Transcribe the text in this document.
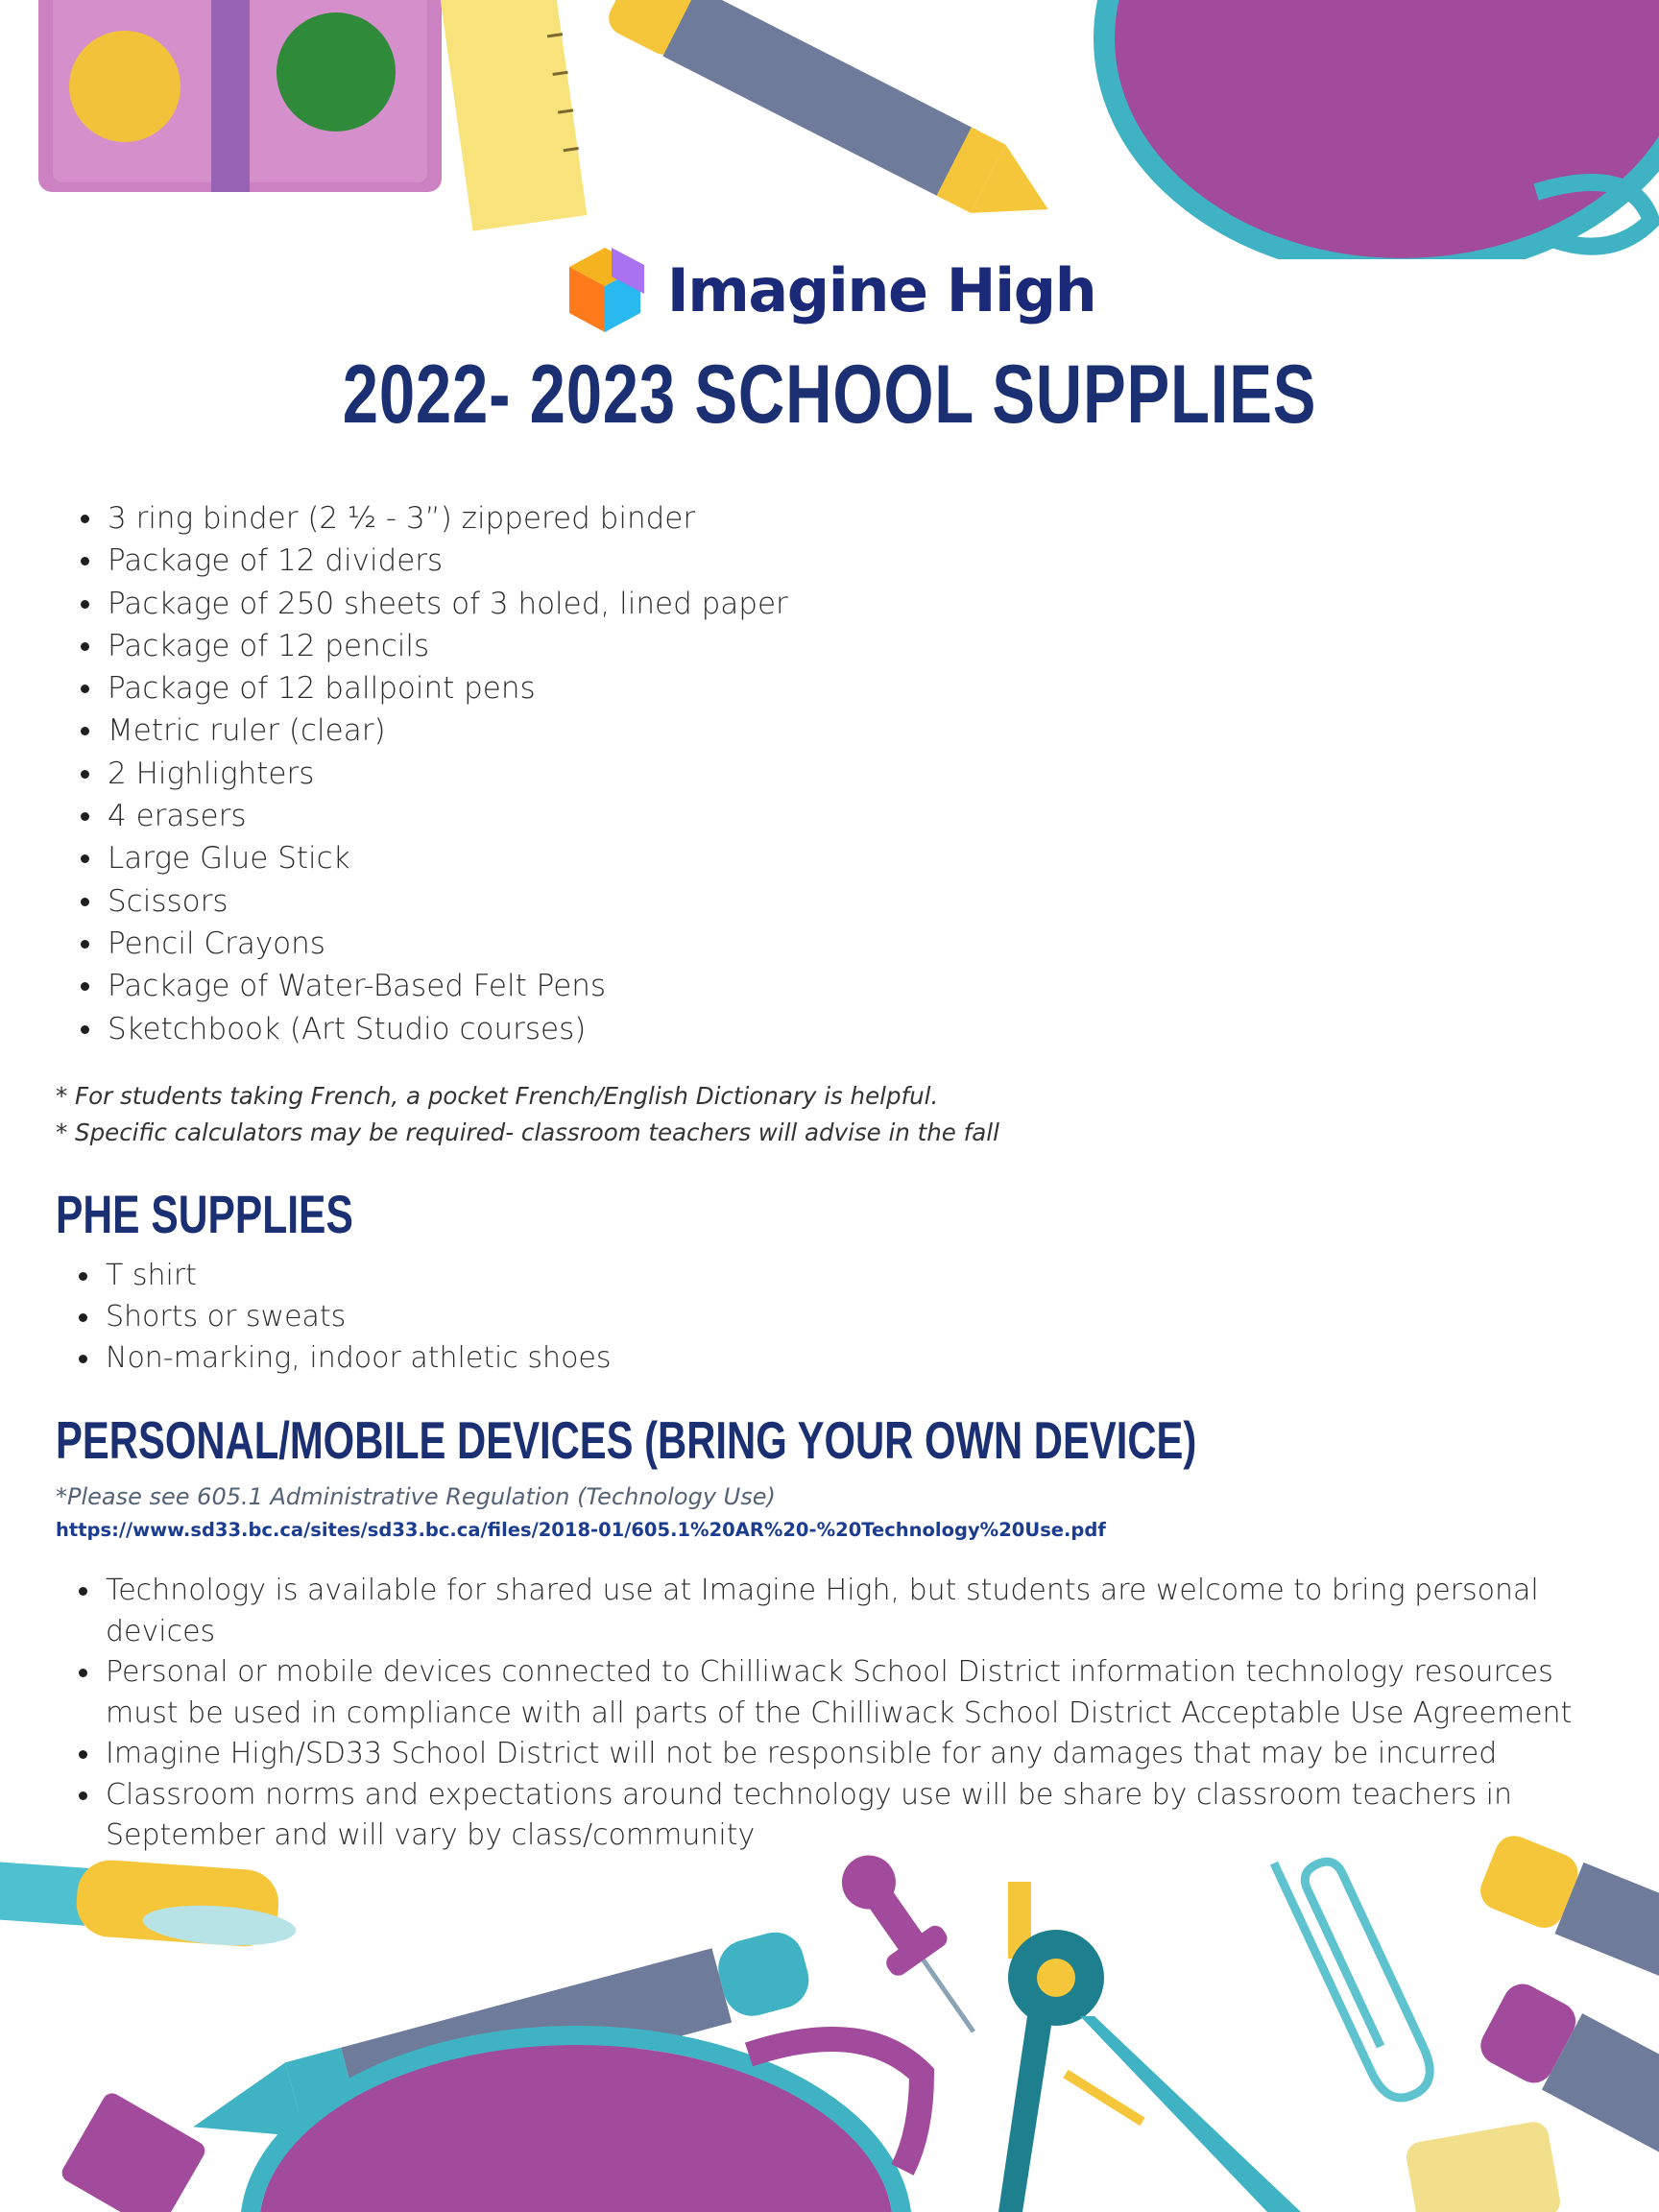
Imagine High
2022- 2023 SCHOOL SUPPLIES
3 ring binder (2 ½ - 3”) zippered binder
Package of 12 dividers
Package of 250 sheets of 3 holed, lined paper
Package of 12 pencils
Package of 12 ballpoint pens
Metric ruler (clear)
2 Highlighters
4 erasers
Large Glue Stick
Scissors
Pencil Crayons
Package of Water-Based Felt Pens
Sketchbook (Art Studio courses)
* For students taking French, a pocket French/English Dictionary is helpful.
* Specific calculators may be required- classroom teachers will advise in the fall
PHE SUPPLIES
T shirt
Shorts or sweats
Non-marking, indoor athletic shoes
PERSONAL/MOBILE DEVICES (BRING YOUR OWN DEVICE)
*Please see 605.1 Administrative Regulation (Technology Use)
https://www.sd33.bc.ca/sites/sd33.bc.ca/files/2018-01/605.1%20AR%20-%20Technology%20Use.pdf
Technology is available for shared use at Imagine High, but students are welcome to bring personal devices
Personal or mobile devices connected to Chilliwack School District information technology resources must be used in compliance with all parts of the Chilliwack School District Acceptable Use Agreement
Imagine High/SD33 School District will not be responsible for any damages that may be incurred
Classroom norms and expectations around technology use will be share by classroom teachers in September and will vary by class/community
